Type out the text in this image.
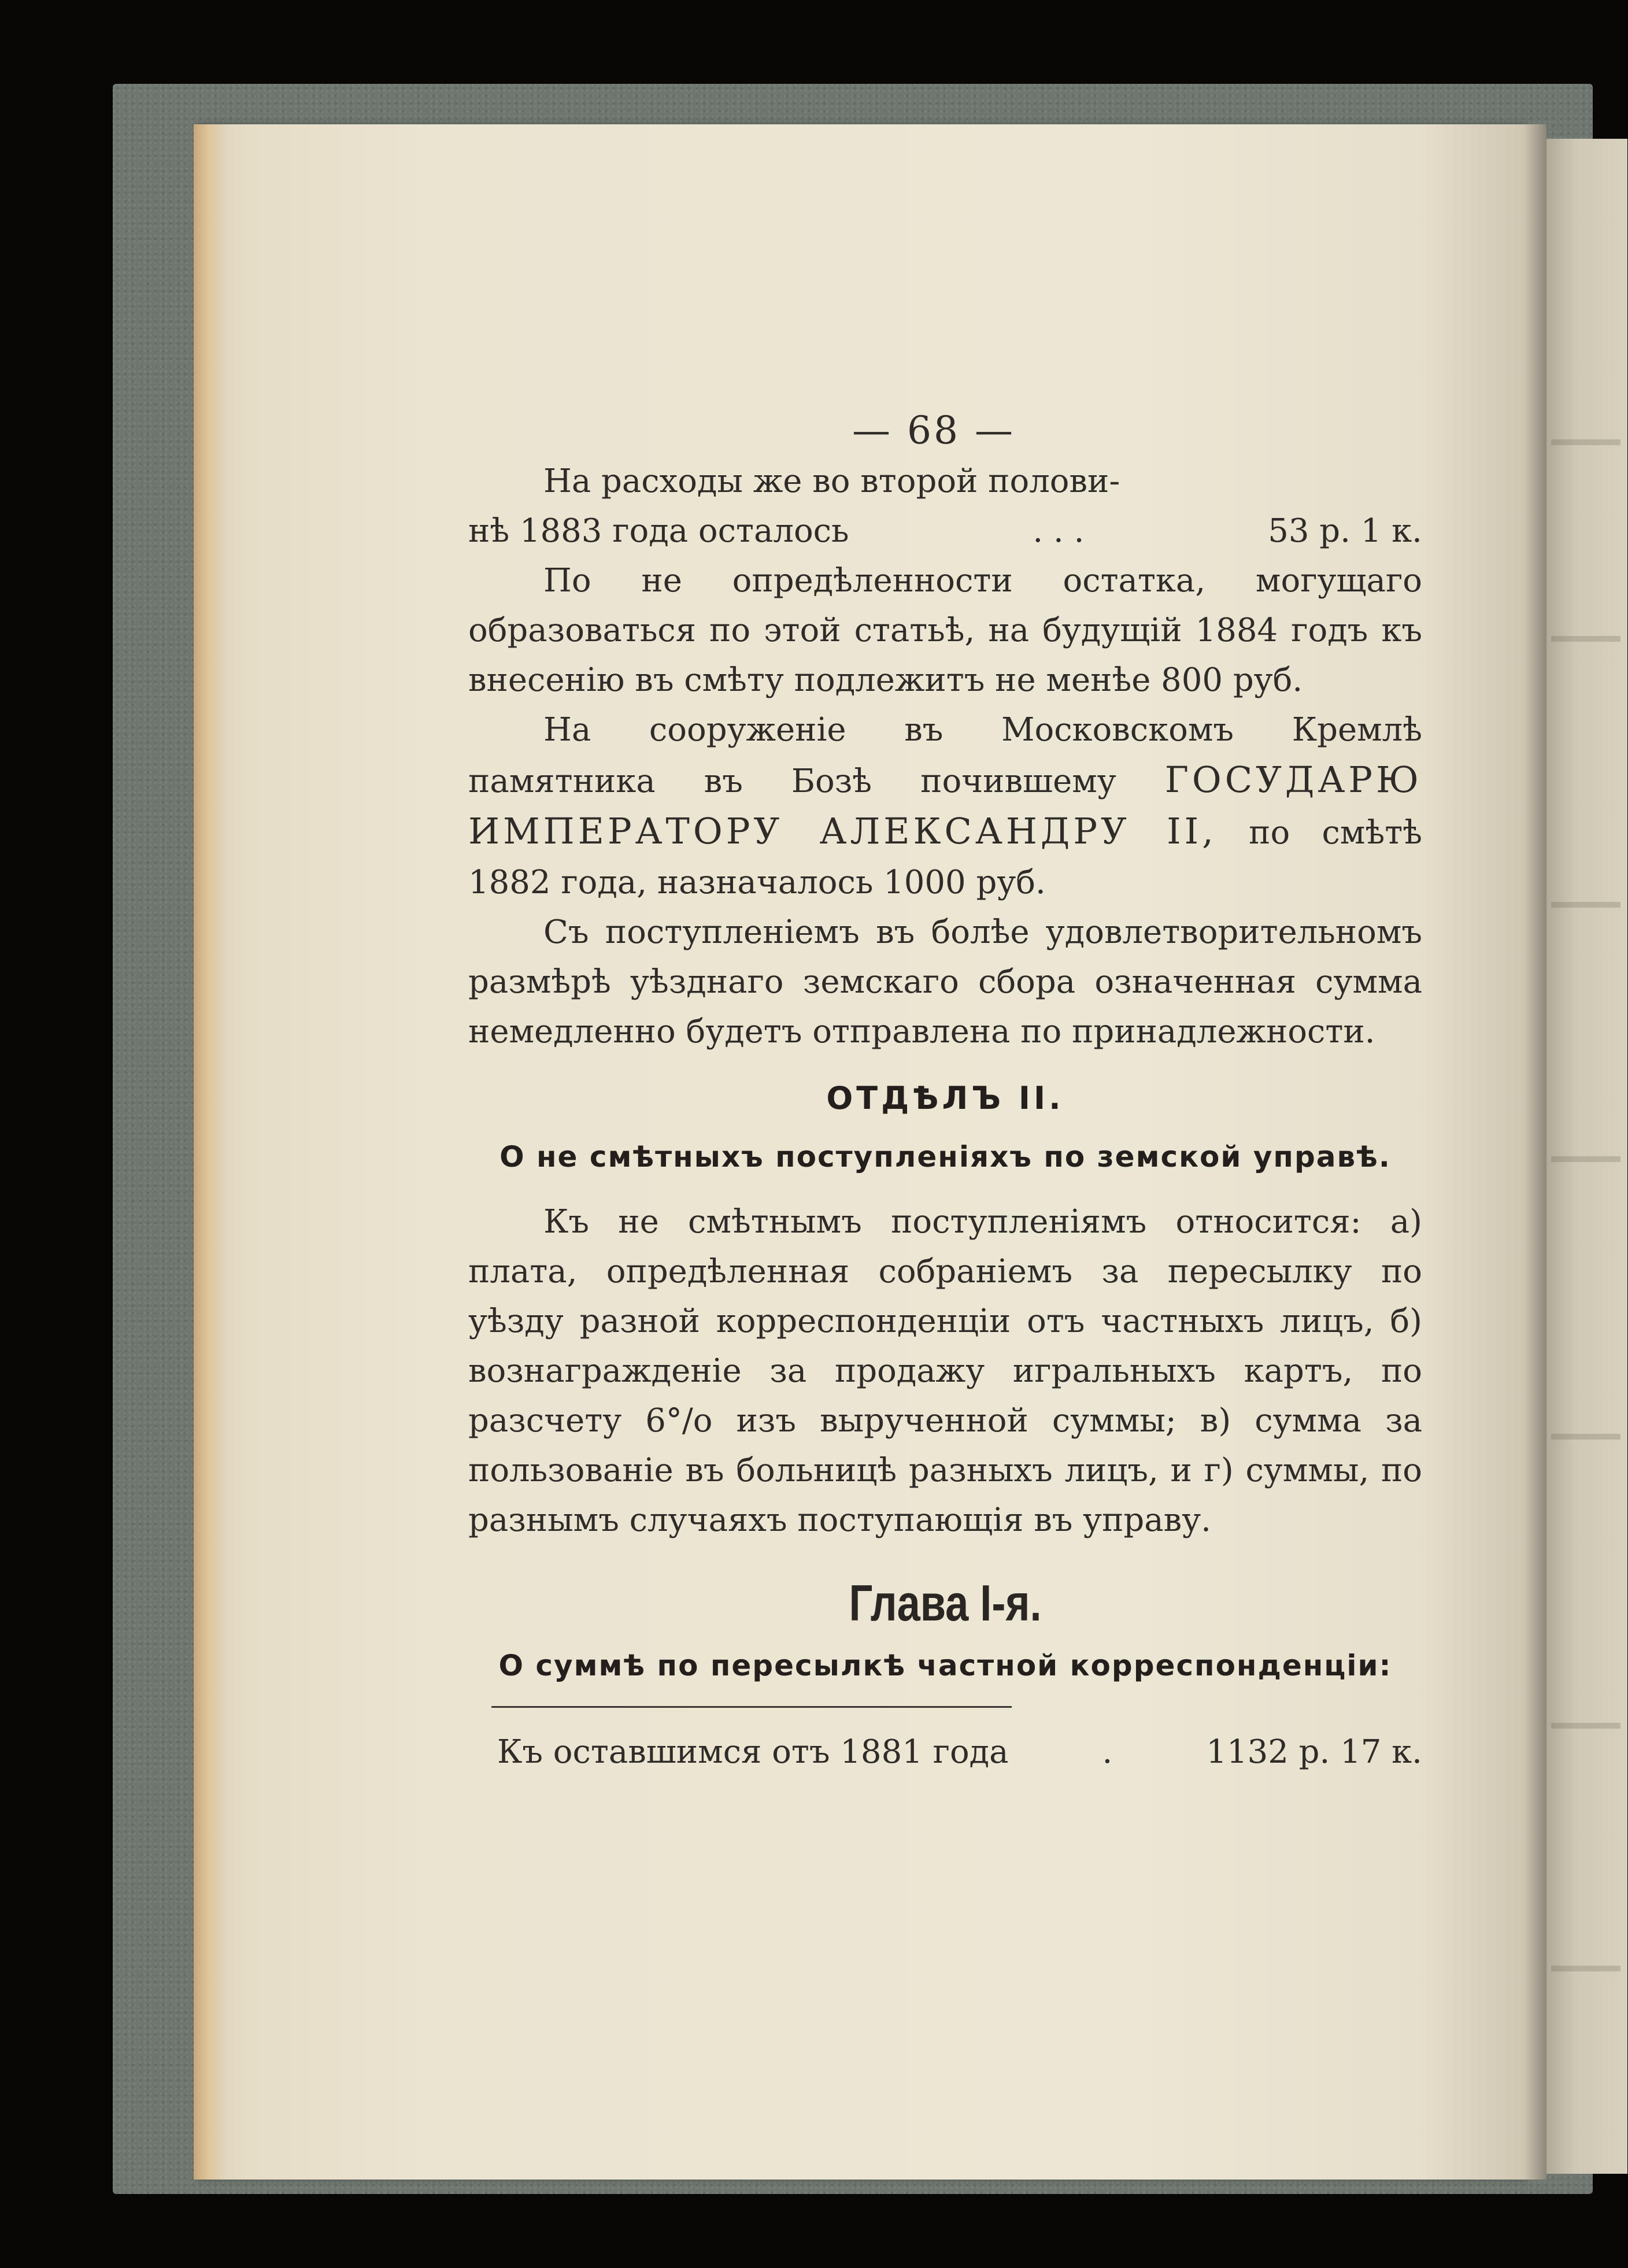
— 68 —

На расходы же во второй полови-

нѣ 1883 года осталось	. . .	53 р. 1 к.

По не опредѣленности остатка, могущаго образоваться по этой статьѣ, на будущій 1884 годъ къ внесенію въ смѣту подлежитъ не менѣе 800 руб.

На сооруженіе въ Московскомъ Кремлѣ памятника въ Бозѣ почившему ГОСУДАРЮ ИМПЕРАТОРУ АЛЕКСАНДРУ II, по смѣтѣ 1882 года, назначалось 1000 руб.

Съ поступленіемъ въ болѣе удовлетворительномъ размѣрѣ уѣзднаго земскаго сбора означенная сумма немедленно будетъ отправлена по принадлежности.

ОТДѢЛЪ II.
О не смѣтныхъ поступленіяхъ по земской управѣ.

Къ не смѣтнымъ поступленіямъ относится: а) плата, опредѣленная собраніемъ за пересылку по уѣзду разной корреспонденціи отъ частныхъ лицъ, б) вознагражденіе за продажу игральныхъ картъ, по разсчету 6°/о изъ вырученной суммы; в) сумма за пользованіе въ больницѣ разныхъ лицъ, и г) суммы, по разнымъ случаяхъ поступающія въ управу.

Глава I-я.
О суммѣ по пересылкѣ частной корреспонденціи:
Къ оставшимся отъ 1881 года	.	1132 р. 17 к.
